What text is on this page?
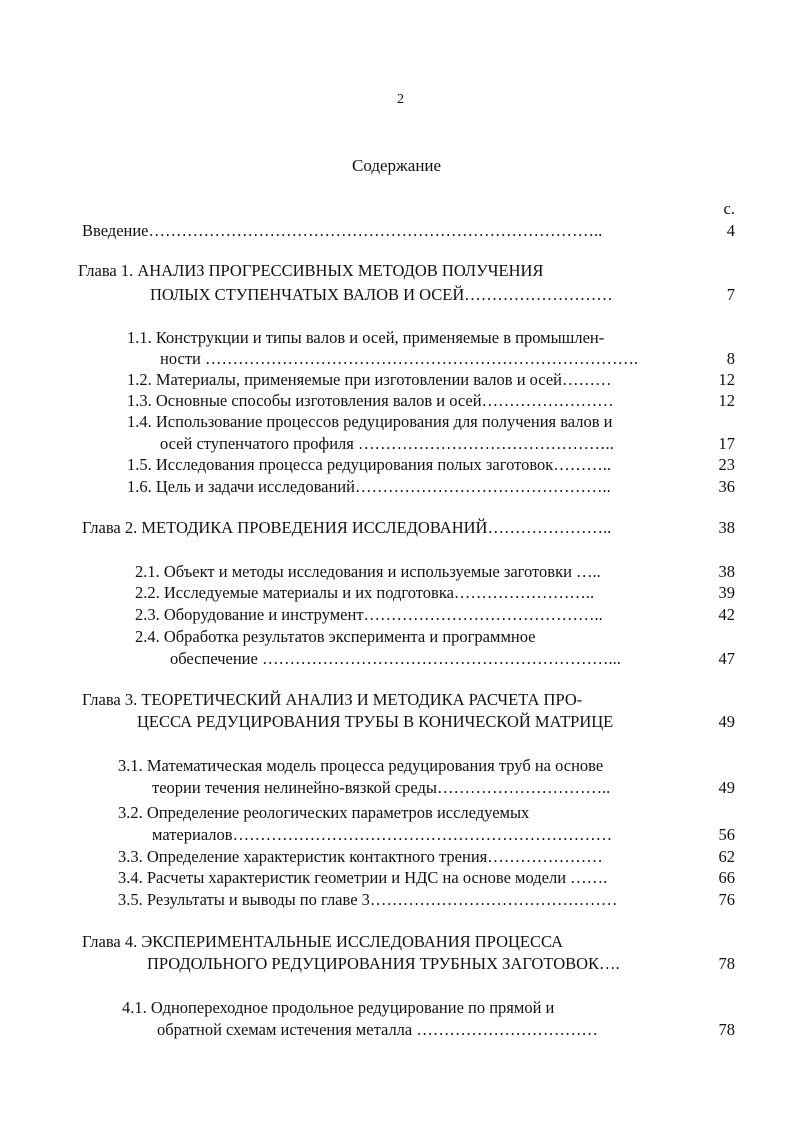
2
Содержание
с.
Введение………………………………………………………………………..	4
Глава 1. АНАЛИЗ ПРОГРЕССИВНЫХ МЕТОДОВ ПОЛУЧЕНИЯ
ПОЛЫХ СТУПЕНЧАТЫХ ВАЛОВ И ОСЕЙ………………………	7
1.1. Конструкции и типы валов и осей, применяемые в промышлен-
ности …………………………………………………………………….	8
1.2. Материалы, применяемые при изготовлении валов и осей………	12
1.3. Основные способы изготовления валов и осей……………………	12
1.4. Использование процессов редуцирования для получения валов и
осей ступенчатого профиля ………………………………………..	17
1.5. Исследования процесса редуцирования полых заготовок………..	23
1.6. Цель и задачи исследований………………………………………..	36
Глава 2. МЕТОДИКА ПРОВЕДЕНИЯ ИССЛЕДОВАНИЙ…………………..	38
2.1. Объект и методы исследования и используемые заготовки …..	38
2.2. Исследуемые материалы и их подготовка……………………..	39
2.3. Оборудование и инструмент……………………………………..	42
2.4. Обработка результатов эксперимента и программное
обеспечение ………………………………………………………...	47
Глава 3. ТЕОРЕТИЧЕСКИЙ АНАЛИЗ И МЕТОДИКА РАСЧЕТА ПРО-
ЦЕССА РЕДУЦИРОВАНИЯ ТРУБЫ В КОНИЧЕСКОЙ МАТРИЦЕ	49
3.1. Математическая модель процесса редуцирования труб на основе
теории течения нелинейно-вязкой среды…………………………..	49
3.2. Определение реологических параметров исследуемых
материалов……………………………………………………………	56
3.3. Определение характеристик контактного трения…………………	62
3.4. Расчеты характеристик геометрии и НДС на основе модели …….	66
3.5. Результаты и выводы по главе 3………………………………………	76
Глава 4. ЭКСПЕРИМЕНТАЛЬНЫЕ ИССЛЕДОВАНИЯ ПРОЦЕССА
ПРОДОЛЬНОГО РЕДУЦИРОВАНИЯ ТРУБНЫХ ЗАГОТОВОК….	78
4.1. Однопереходное продольное редуцирование по прямой и
обратной схемам истечения металла ……………………………	78
